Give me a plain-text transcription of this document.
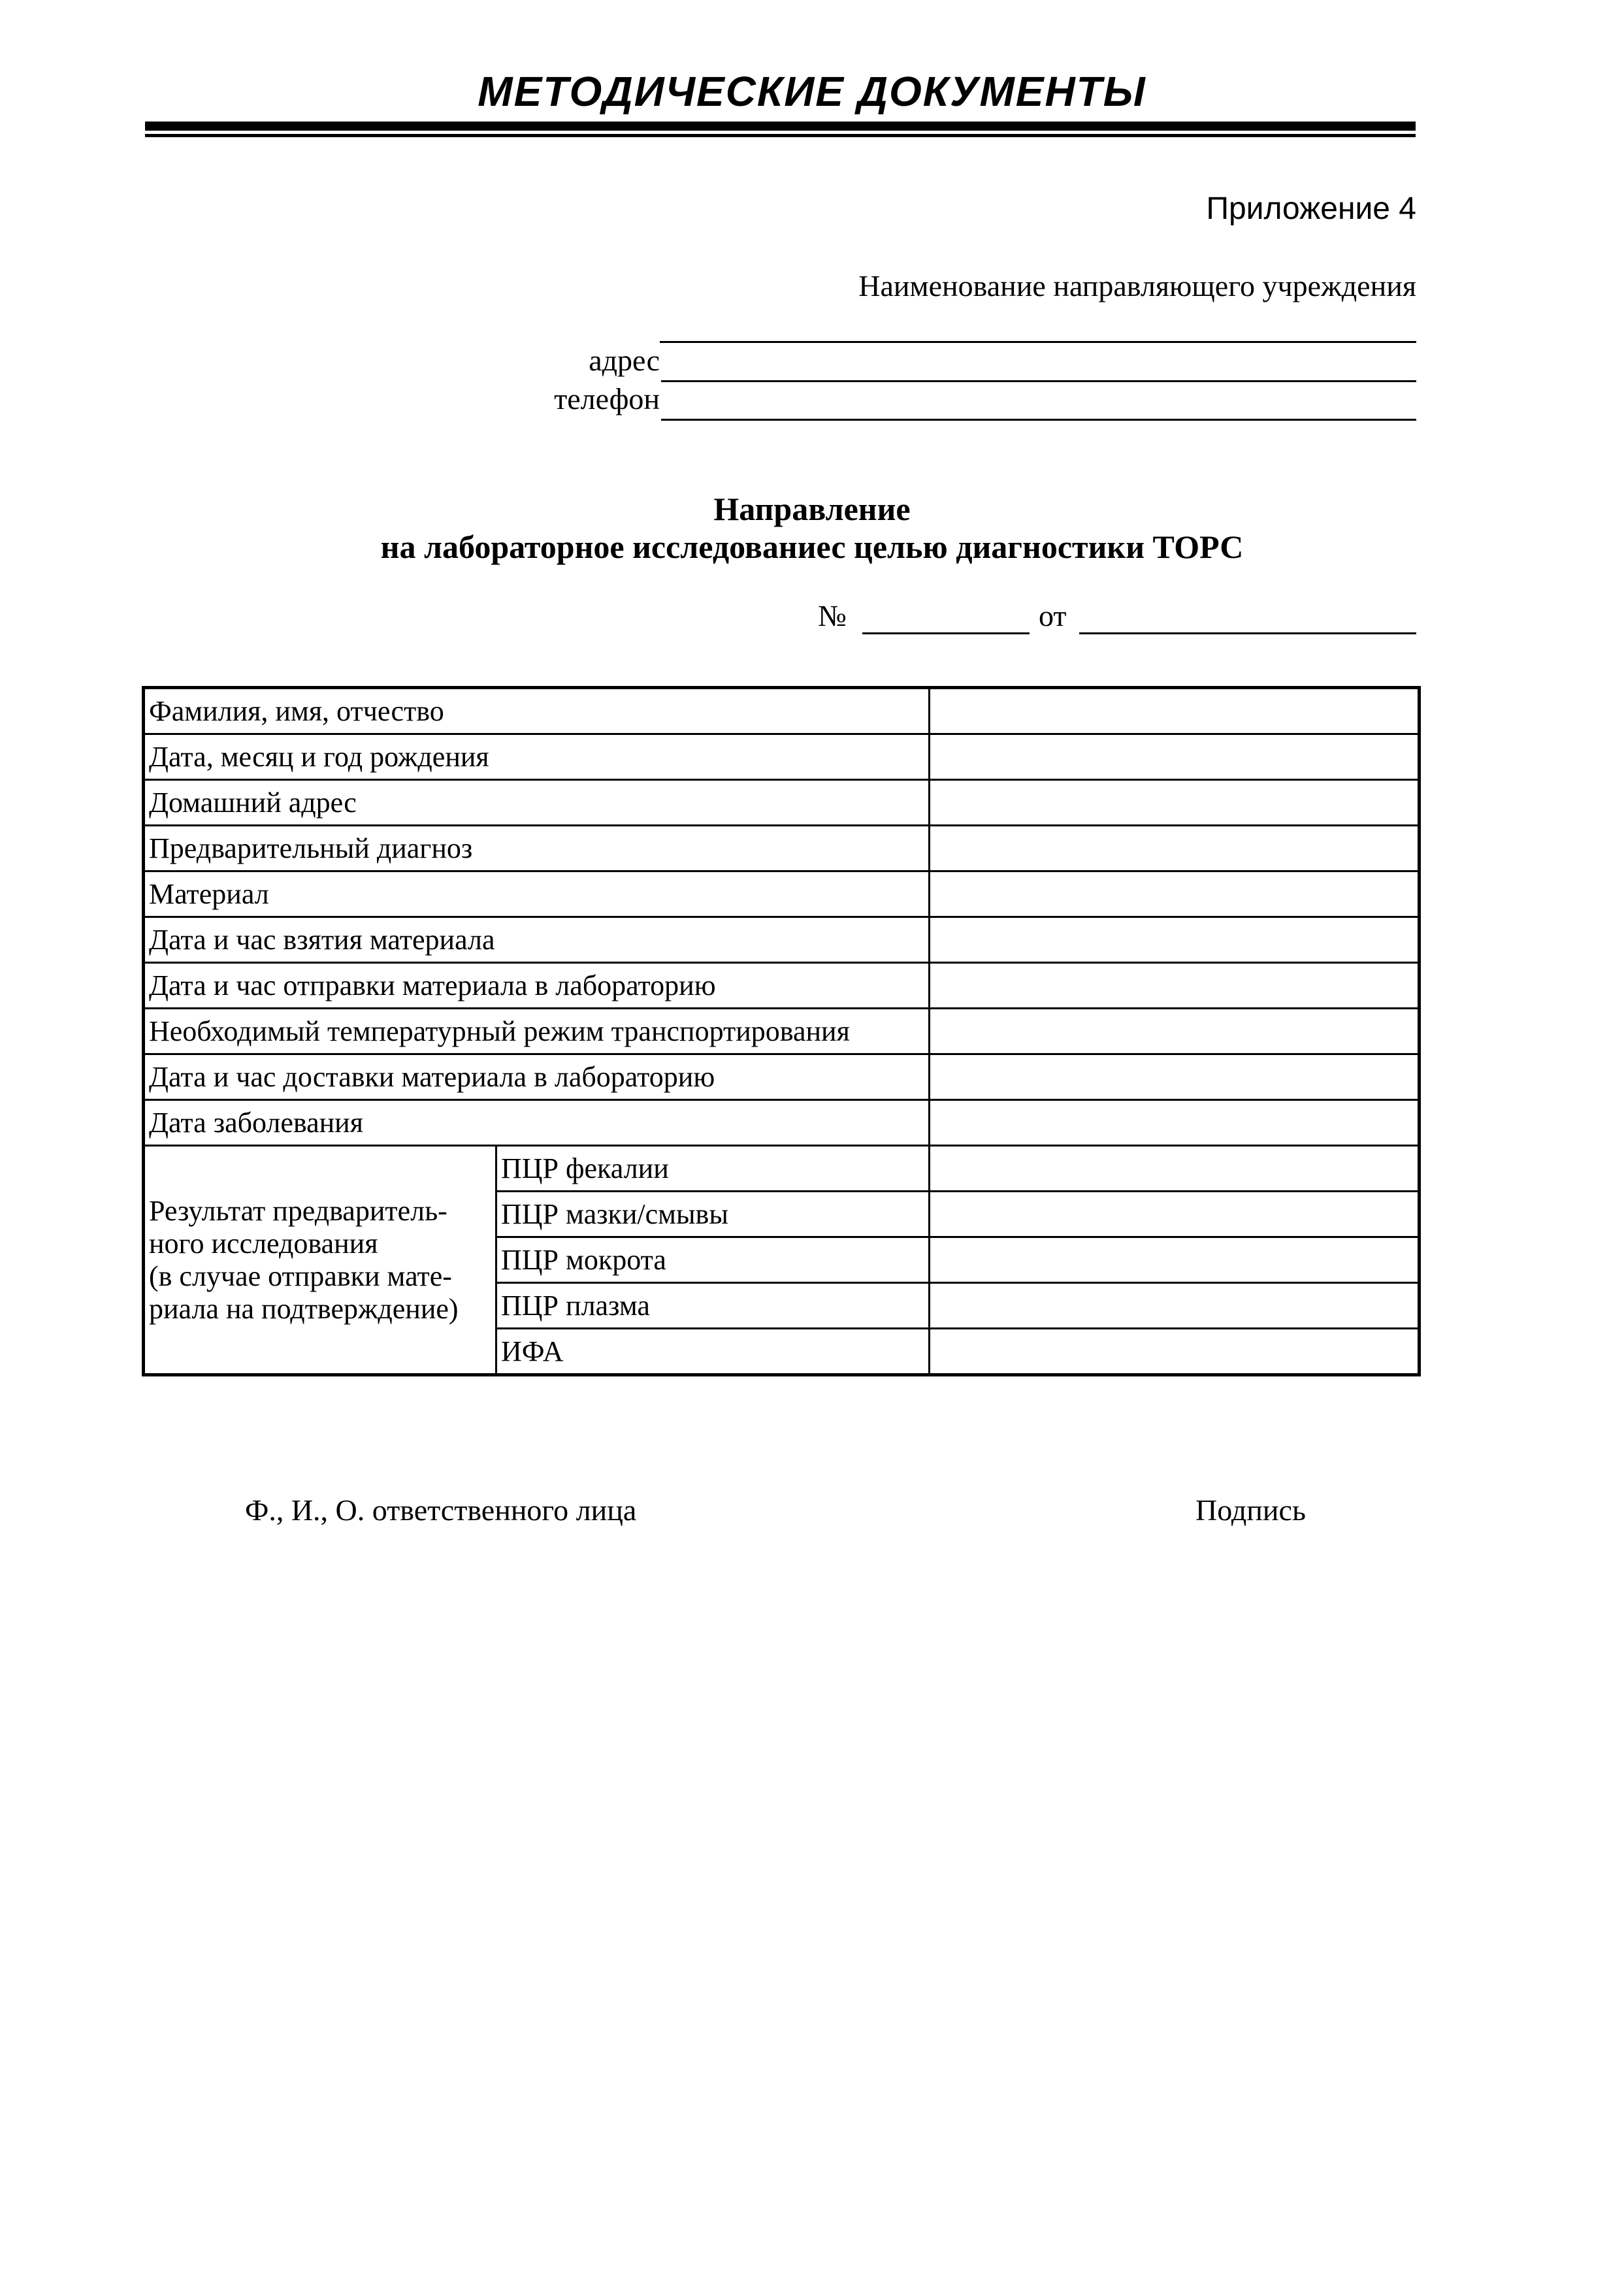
МЕТОДИЧЕСКИЕ ДОКУМЕНТЫ
Приложение 4
Наименование направляющего учреждения
адрес
телефон
Направление
на лабораторное исследованиес целью диагностики ТОРС
№	от
Фамилия, имя, отчество		
Дата, месяц и год рождения		
Домашний адрес		
Предварительный диагноз		
Материал		
Дата и час взятия материала		
Дата и час отправки материала в лабораторию		
Необходимый температурный режим транспортирования		
Дата и час доставки материала в лабораторию		
Дата заболевания		

Результат предваритель-
ного исследования
(в случае отправки мате-
риала на подтверждение)	ПЦР фекалии	
	ПЦР мазки/смывы	
	ПЦР мокрота	
	ПЦР плазма	
	ИФА	
Ф., И., О. ответственного лица	Подпись
